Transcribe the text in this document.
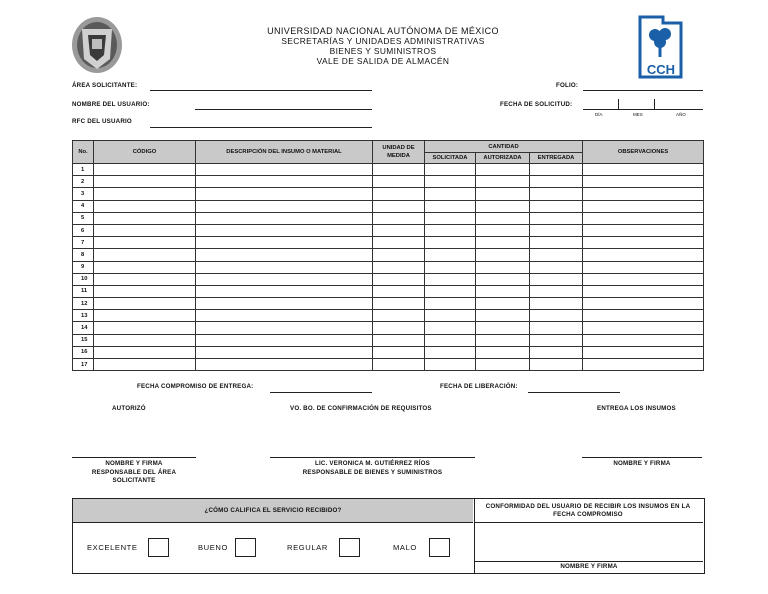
UNIVERSIDAD NACIONAL AUTÓNOMA DE MÉXICO
SECRETARÍAS Y UNIDADES ADMINISTRATIVAS
BIENES Y SUMINISTROS
VALE DE SALIDA DE ALMACÉN
CCH
ÁREA SOLICITANTE:
NOMBRE DEL USUARIO:
RFC DEL USUARIO
FOLIO:
FECHA DE SOLICITUD:
DÍA	MES	AÑO
No.	CÓDIGO	DESCRIPCIÓN DEL INSUMO O MATERIAL	UNIDAD DE MEDIDA	CANTIDAD			OBSERVACIONES
				SOLICITADA	AUTORIZADA	ENTREGADA	
1							
2							
3							
4							
5							
6							
7							
8							
9							
10							
11							
12							
13							
14							
15							
16							
17							
FECHA COMPROMISO DE ENTREGA:	FECHA DE LIBERACIÓN:
AUTORIZÓ	VO. BO. DE CONFIRMACIÓN DE REQUISITOS	ENTREGA LOS INSUMOS
NOMBRE Y FIRMA
RESPONSABLE DEL ÁREA SOLICITANTE
LIC. VERONICA M. GUTIÉRREZ RÍOS
RESPONSABLE DE BIENES Y SUMINISTROS
NOMBRE Y FIRMA
¿CÓMO CALIFICA EL SERVICIO RECIBIDO?
CONFORMIDAD DEL USUARIO DE RECIBIR LOS INSUMOS EN LA FECHA COMPROMISO
NOMBRE Y FIRMA
EXCELENTE	BUENO	REGULAR	MALO
